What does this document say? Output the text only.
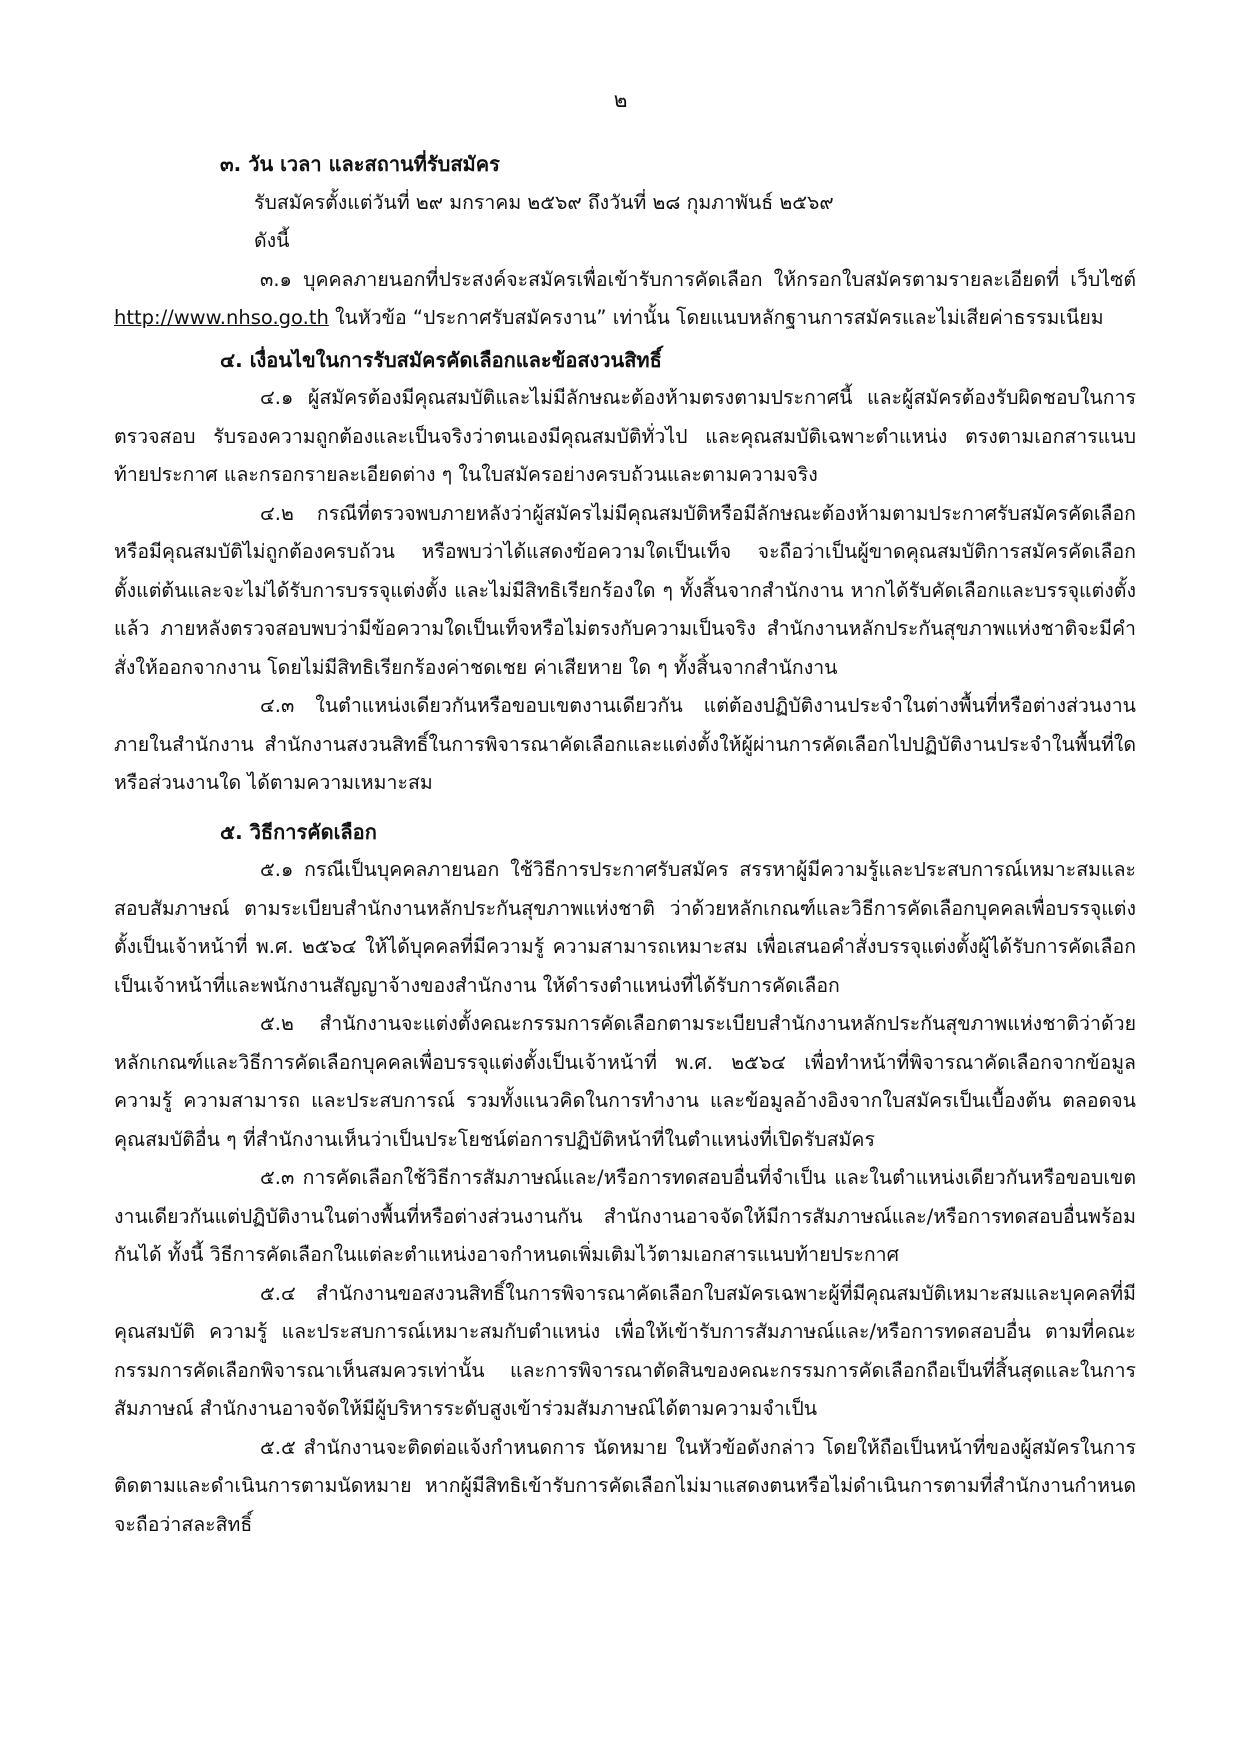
๒

๓. วัน เวลา และสถานที่รับสมัคร

รับสมัครตั้งแต่วันที่ ๒๙ มกราคม ๒๕๖๙ ถึงวันที่ ๒๘ กุมภาพันธ์ ๒๕๖๙

ดังนี้

๓.๑ บุคคลภายนอกที่ประสงค์จะสมัครเพื่อเข้ารับการคัดเลือก ให้กรอกใบสมัครตามรายละเอียดที่ เว็บไซต์ http://www.nhso.go.th ในหัวข้อ “ประกาศรับสมัครงาน” เท่านั้น โดยแนบหลักฐานการสมัครและไม่เสียค่าธรรมเนียม

๔. เงื่อนไขในการรับสมัครคัดเลือกและข้อสงวนสิทธิ์

๔.๑ ผู้สมัครต้องมีคุณสมบัติและไม่มีลักษณะต้องห้ามตรงตามประกาศนี้ และผู้สมัครต้องรับผิดชอบในการตรวจสอบ รับรองความถูกต้องและเป็นจริงว่าตนเองมีคุณสมบัติทั่วไป และคุณสมบัติเฉพาะตำแหน่ง ตรงตามเอกสารแนบท้ายประกาศ และกรอกรายละเอียดต่าง ๆ ในใบสมัครอย่างครบถ้วนและตามความจริง

๔.๒ กรณีที่ตรวจพบภายหลังว่าผู้สมัครไม่มีคุณสมบัติหรือมีลักษณะต้องห้ามตามประกาศรับสมัครคัดเลือก หรือมีคุณสมบัติไม่ถูกต้องครบถ้วน หรือพบว่าได้แสดงข้อความใดเป็นเท็จ จะถือว่าเป็นผู้ขาดคุณสมบัติการสมัครคัดเลือกตั้งแต่ต้นและจะไม่ได้รับการบรรจุแต่งตั้ง และไม่มีสิทธิเรียกร้องใด ๆ ทั้งสิ้นจากสำนักงาน หากได้รับคัดเลือกและบรรจุแต่งตั้งแล้ว ภายหลังตรวจสอบพบว่ามีข้อความใดเป็นเท็จหรือไม่ตรงกับความเป็นจริง สำนักงานหลักประกันสุขภาพแห่งชาติจะมีคำสั่งให้ออกจากงาน โดยไม่มีสิทธิเรียกร้องค่าชดเชย ค่าเสียหาย ใด ๆ ทั้งสิ้นจากสำนักงาน

๔.๓ ในตำแหน่งเดียวกันหรือขอบเขตงานเดียวกัน แต่ต้องปฏิบัติงานประจำในต่างพื้นที่หรือต่างส่วนงานภายในสำนักงาน สำนักงานสงวนสิทธิ์ในการพิจารณาคัดเลือกและแต่งตั้งให้ผู้ผ่านการคัดเลือกไปปฏิบัติงานประจำในพื้นที่ใด หรือส่วนงานใด ได้ตามความเหมาะสม

๕. วิธีการคัดเลือก

๕.๑ กรณีเป็นบุคคลภายนอก ใช้วิธีการประกาศรับสมัคร สรรหาผู้มีความรู้และประสบการณ์เหมาะสมและสอบสัมภาษณ์ ตามระเบียบสำนักงานหลักประกันสุขภาพแห่งชาติ ว่าด้วยหลักเกณฑ์และวิธีการคัดเลือกบุคคลเพื่อบรรจุแต่งตั้งเป็นเจ้าหน้าที่ พ.ศ. ๒๕๖๔ ให้ได้บุคคลที่มีความรู้ ความสามารถเหมาะสม เพื่อเสนอคำสั่งบรรจุแต่งตั้งผู้ได้รับการคัดเลือกเป็นเจ้าหน้าที่และพนักงานสัญญาจ้างของสำนักงาน ให้ดำรงตำแหน่งที่ได้รับการคัดเลือก

๕.๒ สำนักงานจะแต่งตั้งคณะกรรมการคัดเลือกตามระเบียบสำนักงานหลักประกันสุขภาพแห่งชาติว่าด้วยหลักเกณฑ์และวิธีการคัดเลือกบุคคลเพื่อบรรจุแต่งตั้งเป็นเจ้าหน้าที่ พ.ศ. ๒๕๖๔ เพื่อทำหน้าที่พิจารณาคัดเลือกจากข้อมูล ความรู้ ความสามารถ และประสบการณ์ รวมทั้งแนวคิดในการทำงาน และข้อมูลอ้างอิงจากใบสมัครเป็นเบื้องต้น ตลอดจนคุณสมบัติอื่น ๆ ที่สำนักงานเห็นว่าเป็นประโยชน์ต่อการปฏิบัติหน้าที่ในตำแหน่งที่เปิดรับสมัคร

๕.๓ การคัดเลือกใช้วิธีการสัมภาษณ์และ/หรือการทดสอบอื่นที่จำเป็น และในตำแหน่งเดียวกันหรือขอบเขตงานเดียวกันแต่ปฏิบัติงานในต่างพื้นที่หรือต่างส่วนงานกัน สำนักงานอาจจัดให้มีการสัมภาษณ์และ/หรือการทดสอบอื่นพร้อมกันได้ ทั้งนี้ วิธีการคัดเลือกในแต่ละตำแหน่งอาจกำหนดเพิ่มเติมไว้ตามเอกสารแนบท้ายประกาศ

๕.๔ สำนักงานขอสงวนสิทธิ์ในการพิจารณาคัดเลือกใบสมัครเฉพาะผู้ที่มีคุณสมบัติเหมาะสมและบุคคลที่มีคุณสมบัติ ความรู้ และประสบการณ์เหมาะสมกับตำแหน่ง เพื่อให้เข้ารับการสัมภาษณ์และ/หรือการทดสอบอื่น ตามที่คณะกรรมการคัดเลือกพิจารณาเห็นสมควรเท่านั้น และการพิจารณาตัดสินของคณะกรรมการคัดเลือกถือเป็นที่สิ้นสุดและในการสัมภาษณ์ สำนักงานอาจจัดให้มีผู้บริหารระดับสูงเข้าร่วมสัมภาษณ์ได้ตามความจำเป็น

๕.๕ สำนักงานจะติดต่อแจ้งกำหนดการ นัดหมาย ในหัวข้อดังกล่าว โดยให้ถือเป็นหน้าที่ของผู้สมัครในการติดตามและดำเนินการตามนัดหมาย หากผู้มีสิทธิเข้ารับการคัดเลือกไม่มาแสดงตนหรือไม่ดำเนินการตามที่สำนักงานกำหนด จะถือว่าสละสิทธิ์
